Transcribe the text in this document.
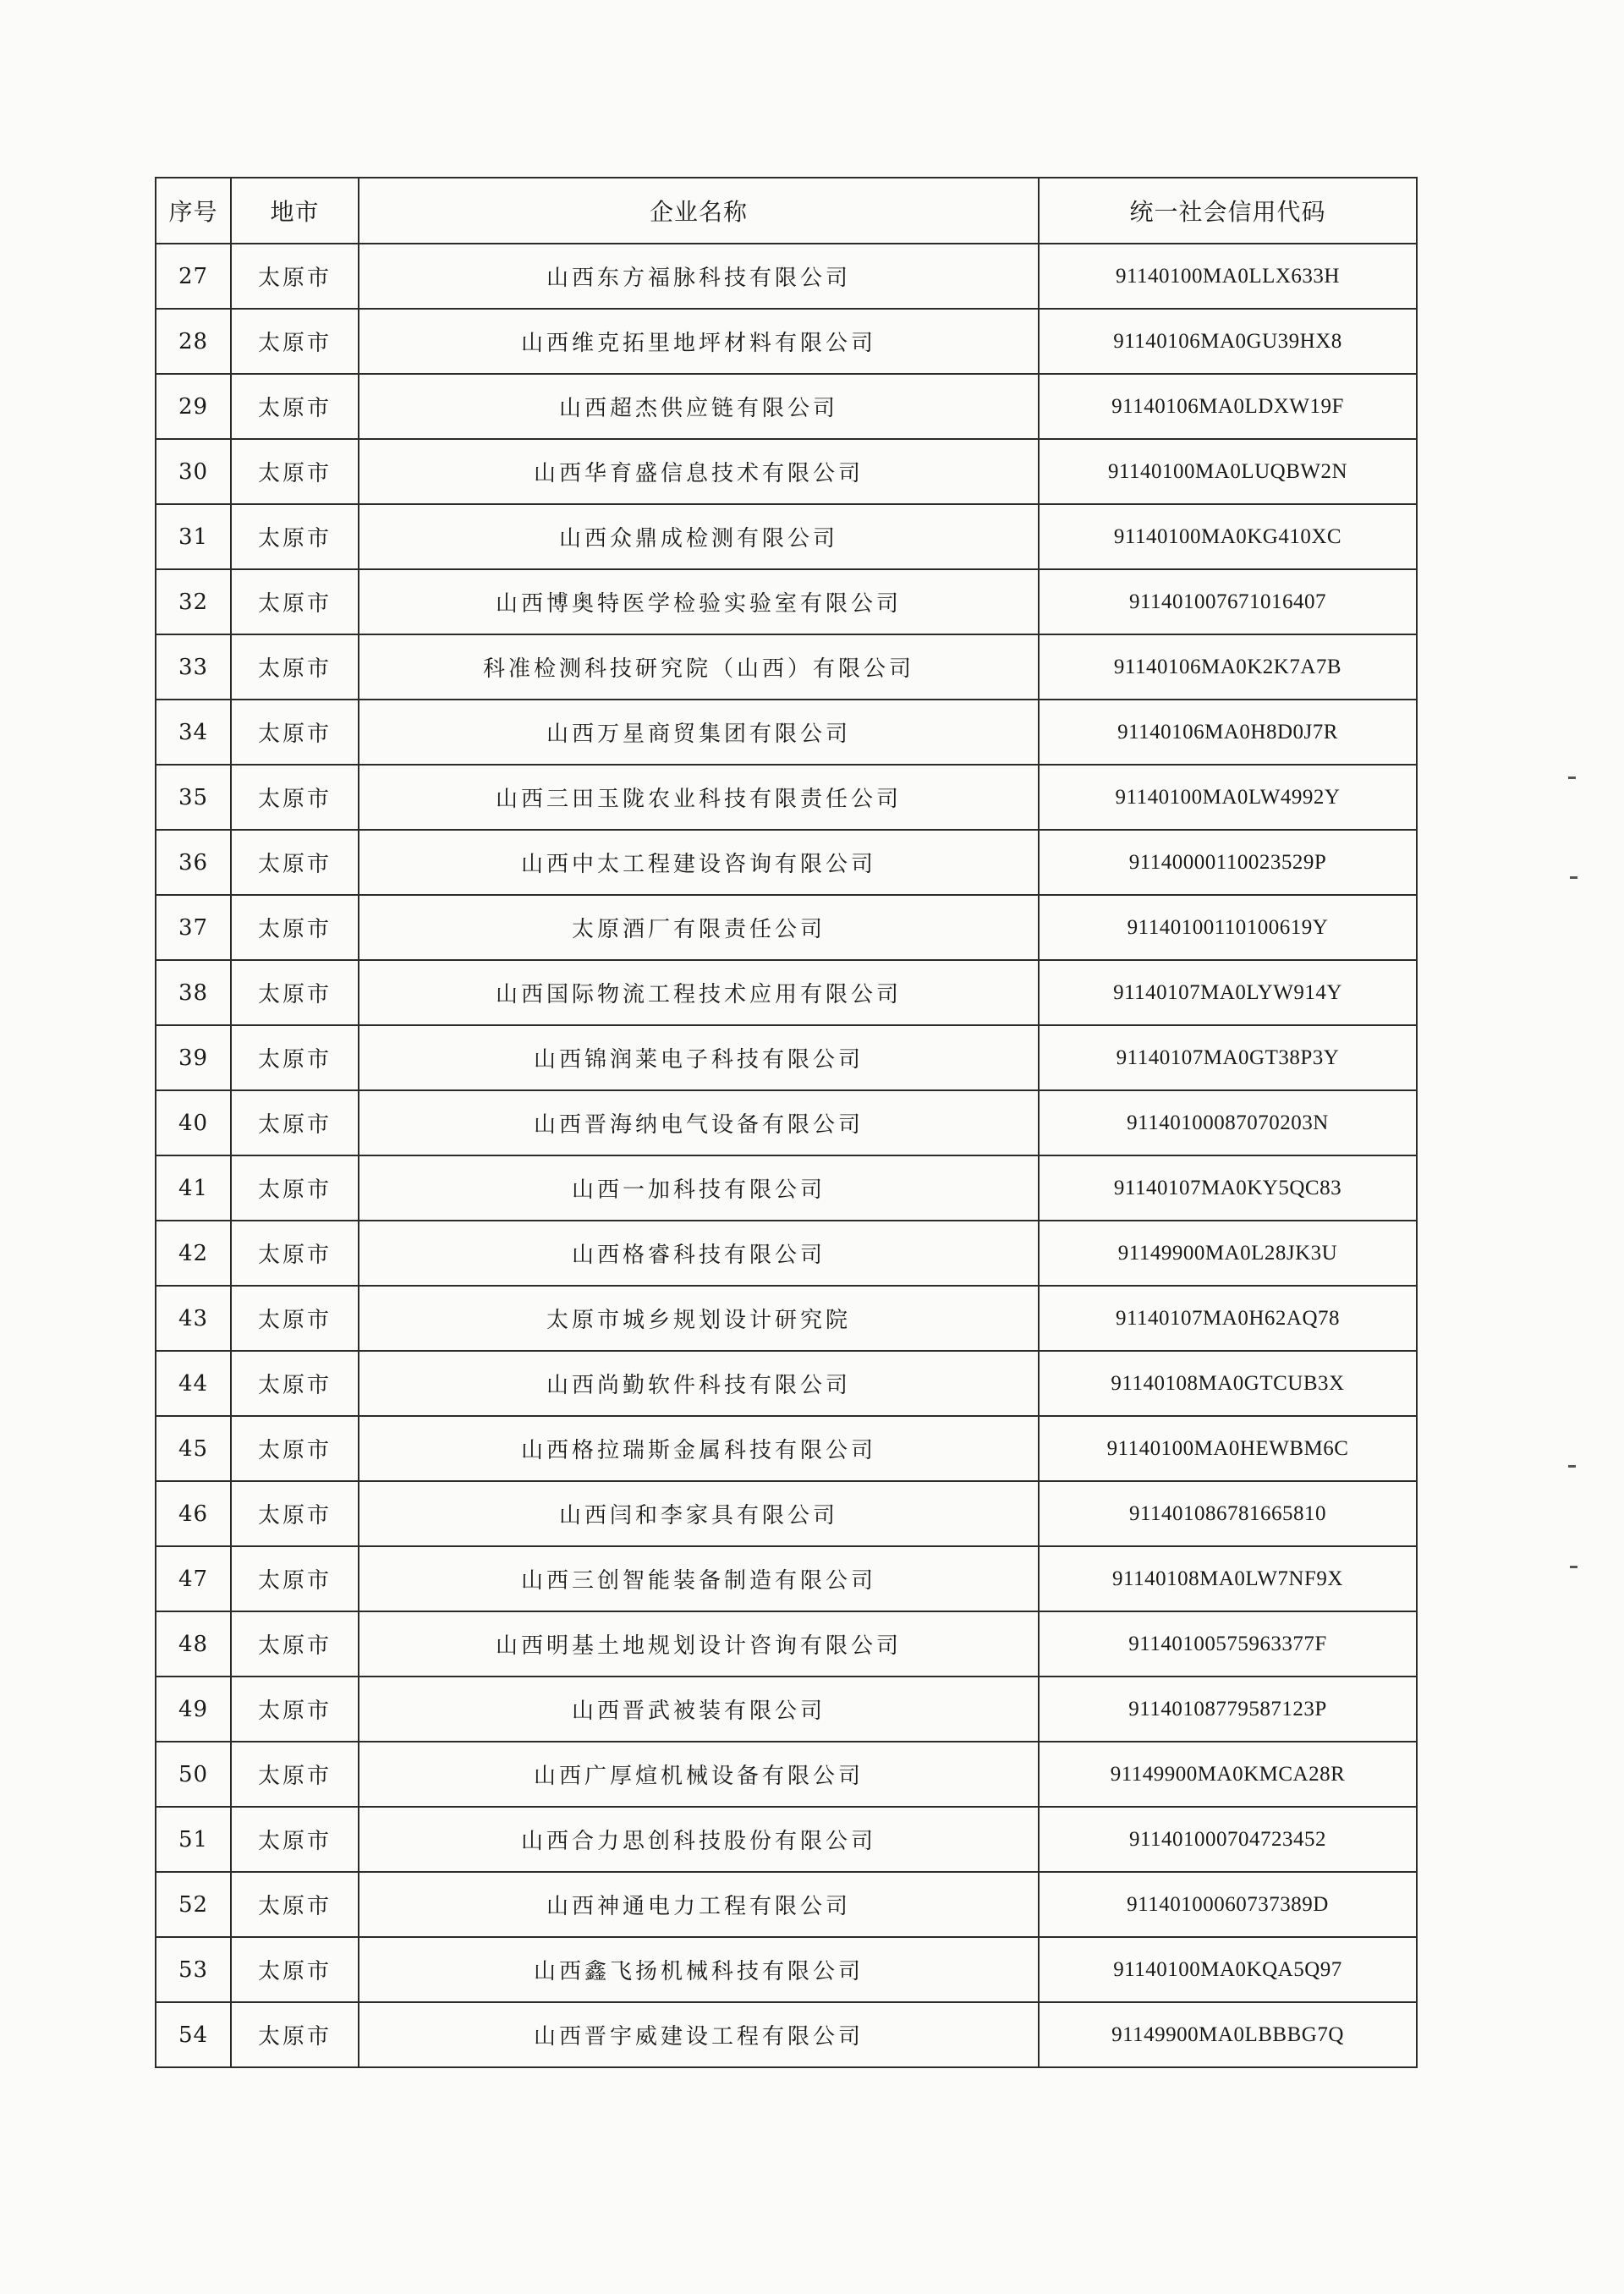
序号	地市	企业名称	统一社会信用代码
27	太原市	山西东方福脉科技有限公司	91140100MA0LLX633H
28	太原市	山西维克拓里地坪材料有限公司	91140106MA0GU39HX8
29	太原市	山西超杰供应链有限公司	91140106MA0LDXW19F
30	太原市	山西华育盛信息技术有限公司	91140100MA0LUQBW2N
31	太原市	山西众鼎成检测有限公司	91140100MA0KG410XC
32	太原市	山西博奥特医学检验实验室有限公司	911401007671016407
33	太原市	科准检测科技研究院（山西）有限公司	91140106MA0K2K7A7B
34	太原市	山西万星商贸集团有限公司	91140106MA0H8D0J7R
35	太原市	山西三田玉陇农业科技有限责任公司	91140100MA0LW4992Y
36	太原市	山西中太工程建设咨询有限公司	91140000110023529P
37	太原市	太原酒厂有限责任公司	91140100110100619Y
38	太原市	山西国际物流工程技术应用有限公司	91140107MA0LYW914Y
39	太原市	山西锦润莱电子科技有限公司	91140107MA0GT38P3Y
40	太原市	山西晋海纳电气设备有限公司	91140100087070203N
41	太原市	山西一加科技有限公司	91140107MA0KY5QC83
42	太原市	山西格睿科技有限公司	91149900MA0L28JK3U
43	太原市	太原市城乡规划设计研究院	91140107MA0H62AQ78
44	太原市	山西尚勤软件科技有限公司	91140108MA0GTCUB3X
45	太原市	山西格拉瑞斯金属科技有限公司	91140100MA0HEWBM6C
46	太原市	山西闫和李家具有限公司	911401086781665810
47	太原市	山西三创智能装备制造有限公司	91140108MA0LW7NF9X
48	太原市	山西明基土地规划设计咨询有限公司	91140100575963377F
49	太原市	山西晋武被装有限公司	91140108779587123P
50	太原市	山西广厚煊机械设备有限公司	91149900MA0KMCA28R
51	太原市	山西合力思创科技股份有限公司	911401000704723452
52	太原市	山西神通电力工程有限公司	91140100060737389D
53	太原市	山西鑫飞扬机械科技有限公司	91140100MA0KQA5Q97
54	太原市	山西晋宇威建设工程有限公司	91149900MA0LBBBG7Q
